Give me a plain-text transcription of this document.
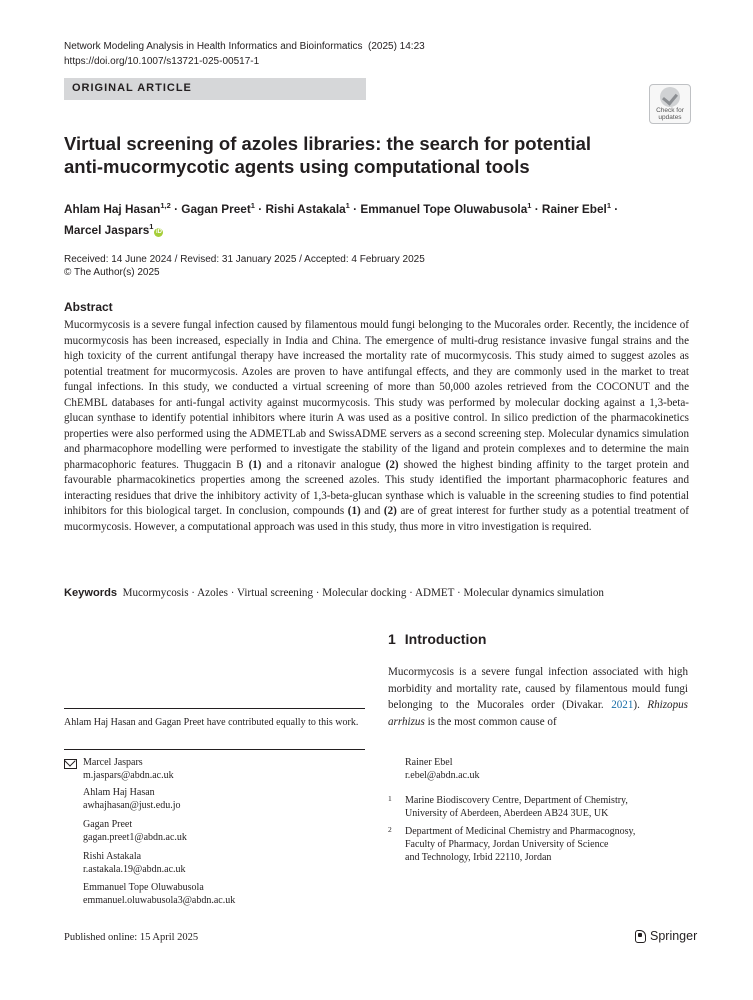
Network Modeling Analysis in Health Informatics and Bioinformatics (2025) 14:23
https://doi.org/10.1007/s13721-025-00517-1
ORIGINAL ARTICLE
Check for
updates
Virtual screening of azoles libraries: the search for potential
anti-mucormycotic agents using computational tools
Ahlam Haj Hasan$^{1,2}$ · Gagan Preet$^1$ · Rishi Astakala$^1$ · Emmanuel Tope Oluwabusola$^1$ · Rainer Ebel$^1$ ·
Marcel Jaspars$^1$iD
Received: 14 June 2024 / Revised: 31 January 2025 / Accepted: 4 February 2025
© The Author(s) 2025
Abstract
Mucormycosis is a severe fungal infection caused by filamentous mould fungi belonging to the Mucorales order. Recently, the incidence of mucormycosis has been increased, especially in India and China. The emergence of multi-drug resistance invasive fungal strains and the high toxicity of the current antifungal therapy have increased the mortality rate of mucormycosis. This study aimed to suggest azoles as potential treatment for mucormycosis. Azoles are proven to have antifungal effects, and they are commonly used in the market to treat fungal infections. In this study, we conducted a virtual screening of more than 50,000 azoles retrieved from the COCONUT and the ChEMBL databases for anti-fungal activity against mucormycosis. This study was performed by molecular docking against a 1,3-beta-glucan synthase to identify potential inhibitors where iturin A was used as a positive control. In silico prediction of the pharmacokinetics properties were also performed using the ADMETLab and SwissADME servers as a second screening step. Molecular dynamics simulation and pharmacophore modelling were performed to investigate the stability of the ligand and protein complexes and to determine the main pharmacophoric features. Thuggacin B (1) and a ritonavir analogue (2) showed the highest binding affinity to the target protein and favourable pharmacokinetics properties among the screened azoles. This study identified the important pharmacophoric features and interacting residues that drive the inhibitory activity of 1,3-beta-glucan synthase which is valuable in the screening studies to find potential inhibitors for this biological target. In conclusion, compounds (1) and (2) are of great interest for further study as a potential treatment of mucormycosis. However, a computational approach was used in this study, thus more in vitro investigation is required.
Keywords Mucormycosis · Azoles · Virtual screening · Molecular docking · ADMET · Molecular dynamics simulation
1 Introduction
Mucormycosis is a severe fungal infection associated with high morbidity and mortality rate, caused by filamentous mould fungi belonging to the Mucorales order (Divakar. 2021). Rhizopus arrhizus is the most common cause of
Ahlam Haj Hasan and Gagan Preet have contributed equally to this work.
Marcel Jaspars
m.jaspars@abdn.ac.uk
Ahlam Haj Hasan
awhajhasan@just.edu.jo
Gagan Preet
gagan.preet1@abdn.ac.uk
Rishi Astakala
r.astakala.19@abdn.ac.uk
Emmanuel Tope Oluwabusola
emmanuel.oluwabusola3@abdn.ac.uk
Rainer Ebel
r.ebel@abdn.ac.uk
1 Marine Biodiscovery Centre, Department of Chemistry,
University of Aberdeen, Aberdeen AB24 3UE, UK
2 Department of Medicinal Chemistry and Pharmacognosy,
Faculty of Pharmacy, Jordan University of Science
and Technology, Irbid 22110, Jordan
Published online: 15 April 2025	Springer
